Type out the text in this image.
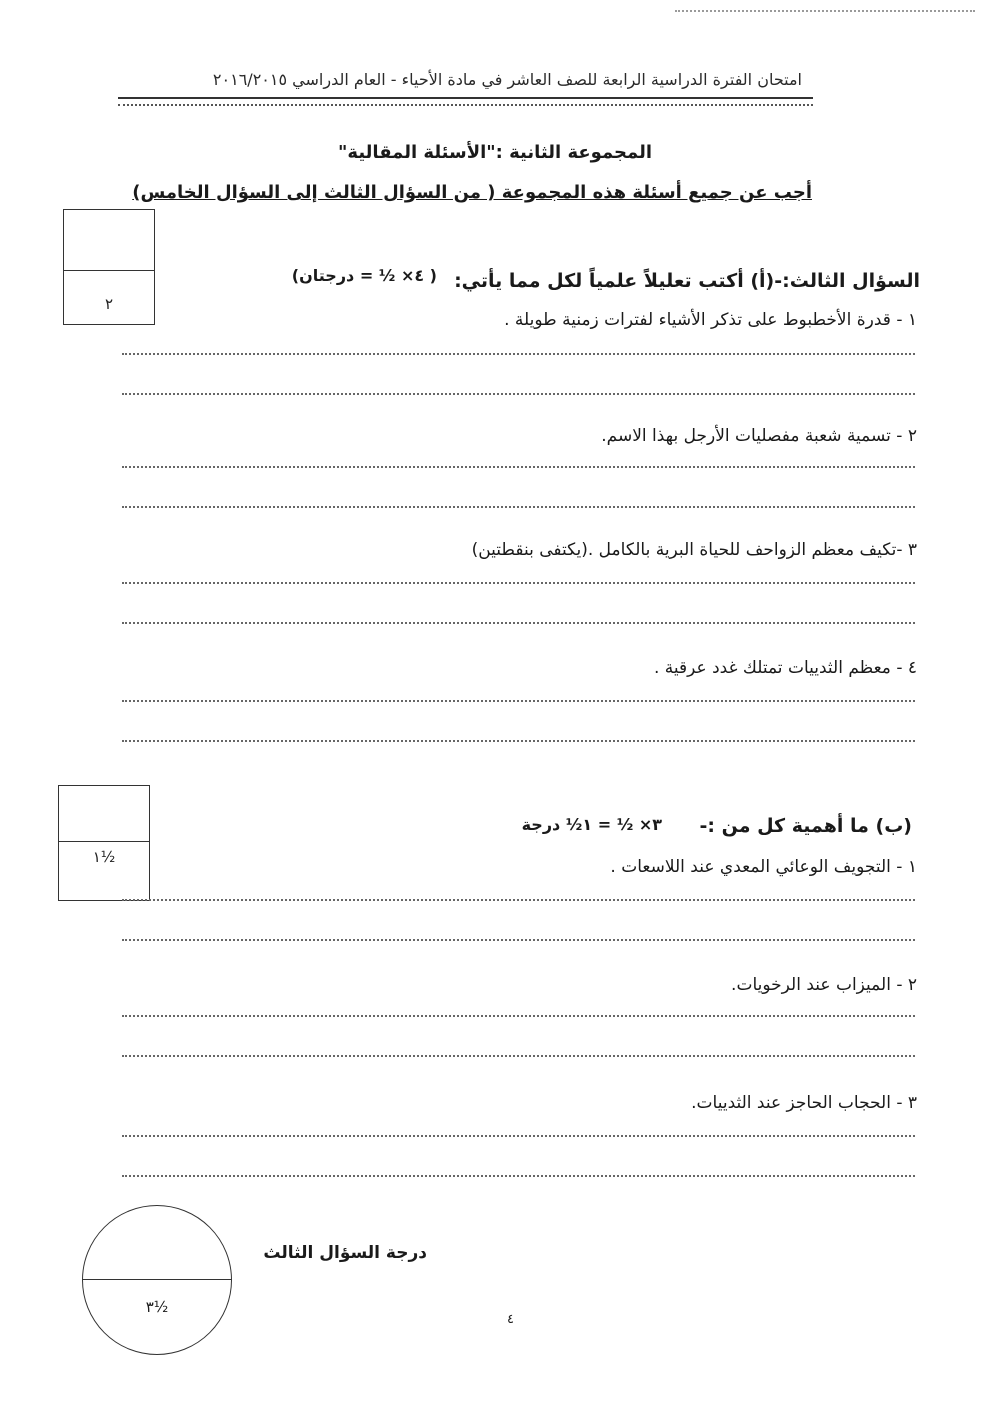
امتحان الفترة الدراسية الرابعة للصف العاشر في مادة الأحياء - العام الدراسي ٢٠١٦/٢٠١٥
المجموعة الثانية :"الأسئلة المقالية"
أجب عن جميع أسئلة هذه المجموعة ( من السؤال الثالث إلى السؤال الخامس)
٢
السؤال الثالث:-(أ) أكتب تعليلاً علمياً لكل مما يأتي:
( ٤× ½ = درجتان)
١ - قدرة الأخطبوط على تذكر الأشياء لفترات زمنية طويلة .
٢ - تسمية شعبة مفصليات الأرجل بهذا الاسم.
٣ -تكيف معظم الزواحف للحياة البرية بالكامل .(يكتفى بنقطتين)
٤ - معظم الثدييات تمتلك غدد عرقية .
١½
(ب) ما أهمية كل من :-
٣× ½ = ١½ درجة
١ - التجويف الوعائي المعدي عند اللاسعات .
٢ - الميزاب عند الرخويات.
٣ - الحجاب الحاجز عند الثدييات.
٣½
درجة السؤال الثالث
٤
